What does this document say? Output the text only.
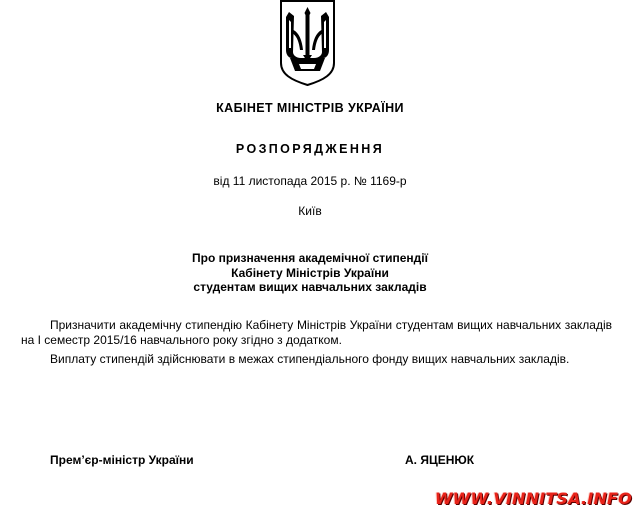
КАБІНЕТ МІНІСТРІВ УКРАЇНИ
РОЗПОРЯДЖЕННЯ
від 11 листопада 2015 р. № 1169-р
Київ
Про призначення академічної стипендії
Кабінету Міністрів України
студентам вищих навчальних закладів
Призначити академічну стипендію Кабінету Міністрів України студентам вищих навчальних закладів на I семестр 2015/16 навчального року згідно з додатком.
Виплату стипендій здійснювати в межах стипендіального фонду вищих навчальних закладів.
Прем’єр-міністр України	А. ЯЦЕНЮК
WWW.VINNITSA.INFO
